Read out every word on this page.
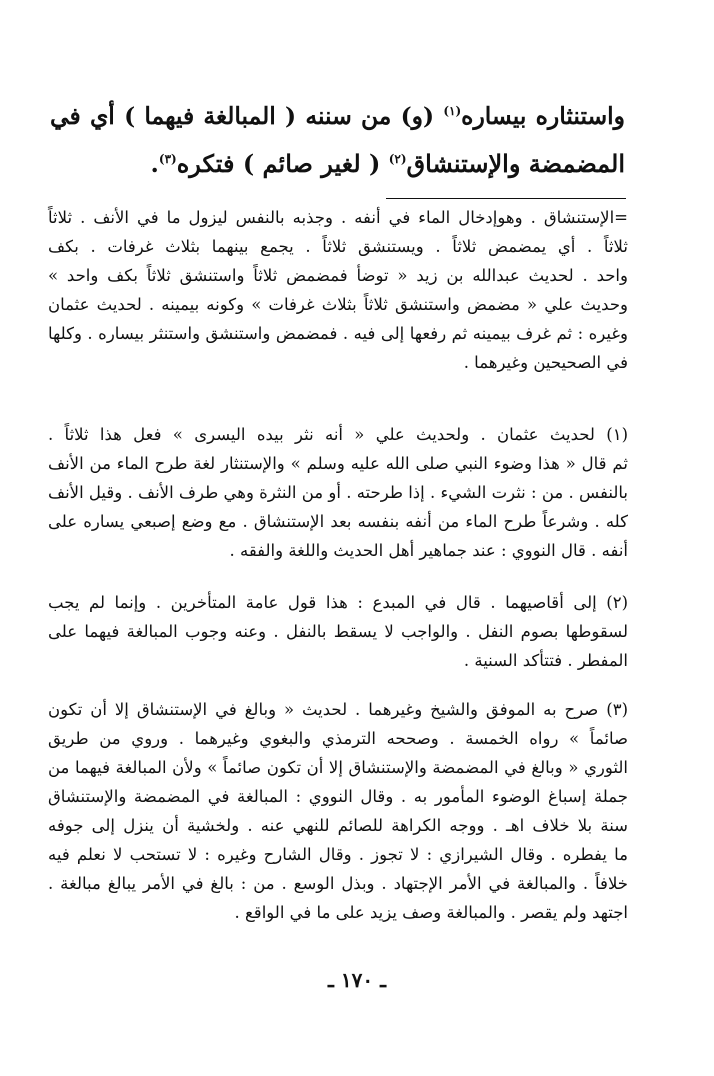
واستنثاره بيساره$^{(١)}$ (و) من سننه ( المبالغة فيهما ) أي في
المضمضة والإستنشاق$^{(٢)}$ ( لغير صائم ) فتكره$^{(٣)}$.
=الإستنشاق . وهوإدخال الماء في أنفه . وجذبه بالنفس ليزول ما في الأنف . ثلاثاً
ثلاثاً . أي يمضمض ثلاثاً . ويستنشق ثلاثاً . يجمع بينهما بثلاث غرفات . بكف
واحد . لحديث عبدالله بن زيد « توضأ فمضمض ثلاثاً واستنشق ثلاثاً بكف واحد »
وحديث علي « مضمض واستنشق ثلاثاً بثلاث غرفات » وكونه بيمينه . لحديث عثمان
وغيره : ثم غرف بيمينه ثم رفعها إلى فيه . فمضمض واستنشق واستنثر بيساره . وكلها
في الصحيحين وغيرهما .
(١) لحديث عثمان . ولحديث علي « أنه نثر بيده اليسرى » فعل هذا ثلاثاً .
ثم قال « هذا وضوء النبي صلى الله عليه وسلم » والإستنثار لغة طرح الماء من الأنف
بالنفس . من : نثرت الشيء . إذا طرحته . أو من النثرة وهي طرف الأنف . وقيل الأنف
كله . وشرعاً طرح الماء من أنفه بنفسه بعد الإستنشاق . مع وضع إصبعي يساره على
أنفه . قال النووي : عند جماهير أهل الحديث واللغة والفقه .
(٢) إلى أقاصيهما . قال في المبدع : هذا قول عامة المتأخرين . وإنما لم يجب
لسقوطها بصوم النفل . والواجب لا يسقط بالنفل . وعنه وجوب المبالغة فيهما على
المفطر . فتتأكد السنية .
(٣) صرح به الموفق والشيخ وغيرهما . لحديث « وبالغ في الإستنشاق إلا أن تكون
صائماً » رواه الخمسة . وصححه الترمذي والبغوي وغيرهما . وروي من طريق
الثوري « وبالغ في المضمضة والإستنشاق إلا أن تكون صائماً » ولأن المبالغة فيهما من
جملة إسباغ الوضوء المأمور به . وقال النووي : المبالغة في المضمضة والإستنشاق
سنة بلا خلاف اهـ . ووجه الكراهة للصائم للنهي عنه . ولخشية أن ينزل إلى جوفه
ما يفطره . وقال الشيرازي : لا تجوز . وقال الشارح وغيره : لا تستحب لا نعلم فيه
خلافاً . والمبالغة في الأمر الإجتهاد . وبذل الوسع . من : بالغ في الأمر يبالغ مبالغة .
اجتهد ولم يقصر . والمبالغة وصف يزيد على ما في الواقع .
ـ ١٧٠ ـ
